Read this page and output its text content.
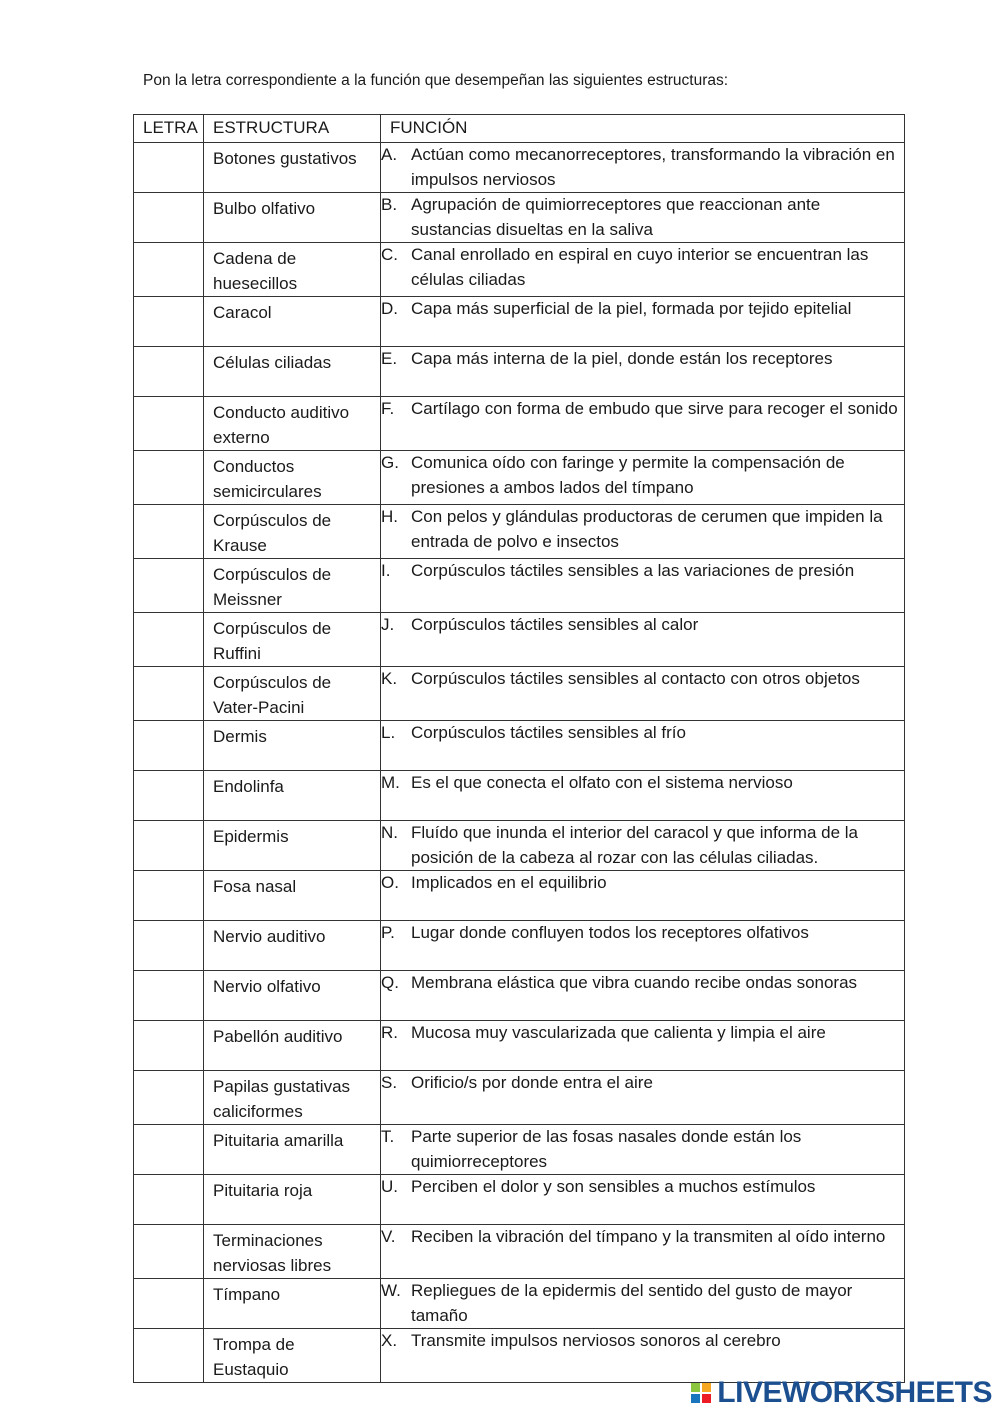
Pon la letra correspondiente a la función que desempeñan las siguientes estructuras:
LETRA	ESTRUCTURA	FUNCIÓN

Botones gustativos	A. Actúan como mecanorreceptores, transformando la vibración en impulsos nerviosos

Bulbo olfativo	B. Agrupación de quimiorreceptores que reaccionan ante sustancias disueltas en la saliva

Cadena de huesecillos	C. Canal enrollado en espiral en cuyo interior se encuentran las células ciliadas

Caracol	D. Capa más superficial de la piel, formada por tejido epitelial

Células ciliadas	E. Capa más interna de la piel, donde están los receptores

Conducto auditivo externo	F. Cartílago con forma de embudo que sirve para recoger el sonido

Conductos semicirculares	G. Comunica oído con faringe y permite la compensación de presiones a ambos lados del tímpano

Corpúsculos de Krause	H. Con pelos y glándulas productoras de cerumen que impiden la entrada de polvo e insectos

Corpúsculos de Meissner	I. Corpúsculos táctiles sensibles a las variaciones de presión

Corpúsculos de Ruffini	J. Corpúsculos táctiles sensibles al calor

Corpúsculos de Vater-Pacini	K. Corpúsculos táctiles sensibles al contacto con otros objetos

Dermis	L. Corpúsculos táctiles sensibles al frío

Endolinfa	M. Es el que conecta el olfato con el sistema nervioso

Epidermis	N. Fluído que inunda el interior del caracol y que informa de la posición de la cabeza al rozar con las células ciliadas.

Fosa nasal	O. Implicados en el equilibrio

Nervio auditivo	P. Lugar donde confluyen todos los receptores olfativos

Nervio olfativo	Q. Membrana elástica que vibra cuando recibe ondas sonoras

Pabellón auditivo	R. Mucosa muy vascularizada que calienta y limpia el aire

Papilas gustativas caliciformes	S. Orificio/s por donde entra el aire

Pituitaria amarilla	T. Parte superior de las fosas nasales donde están los quimiorreceptores

Pituitaria roja	U. Perciben el dolor y son sensibles a muchos estímulos

Terminaciones nerviosas libres	V. Reciben la vibración del tímpano y la transmiten al oído interno

Tímpano	W. Repliegues de la epidermis del sentido del gusto de mayor tamaño

Trompa de Eustaquio	X. Transmite impulsos nerviosos sonoros al cerebro
LIVEWORKSHEETS
